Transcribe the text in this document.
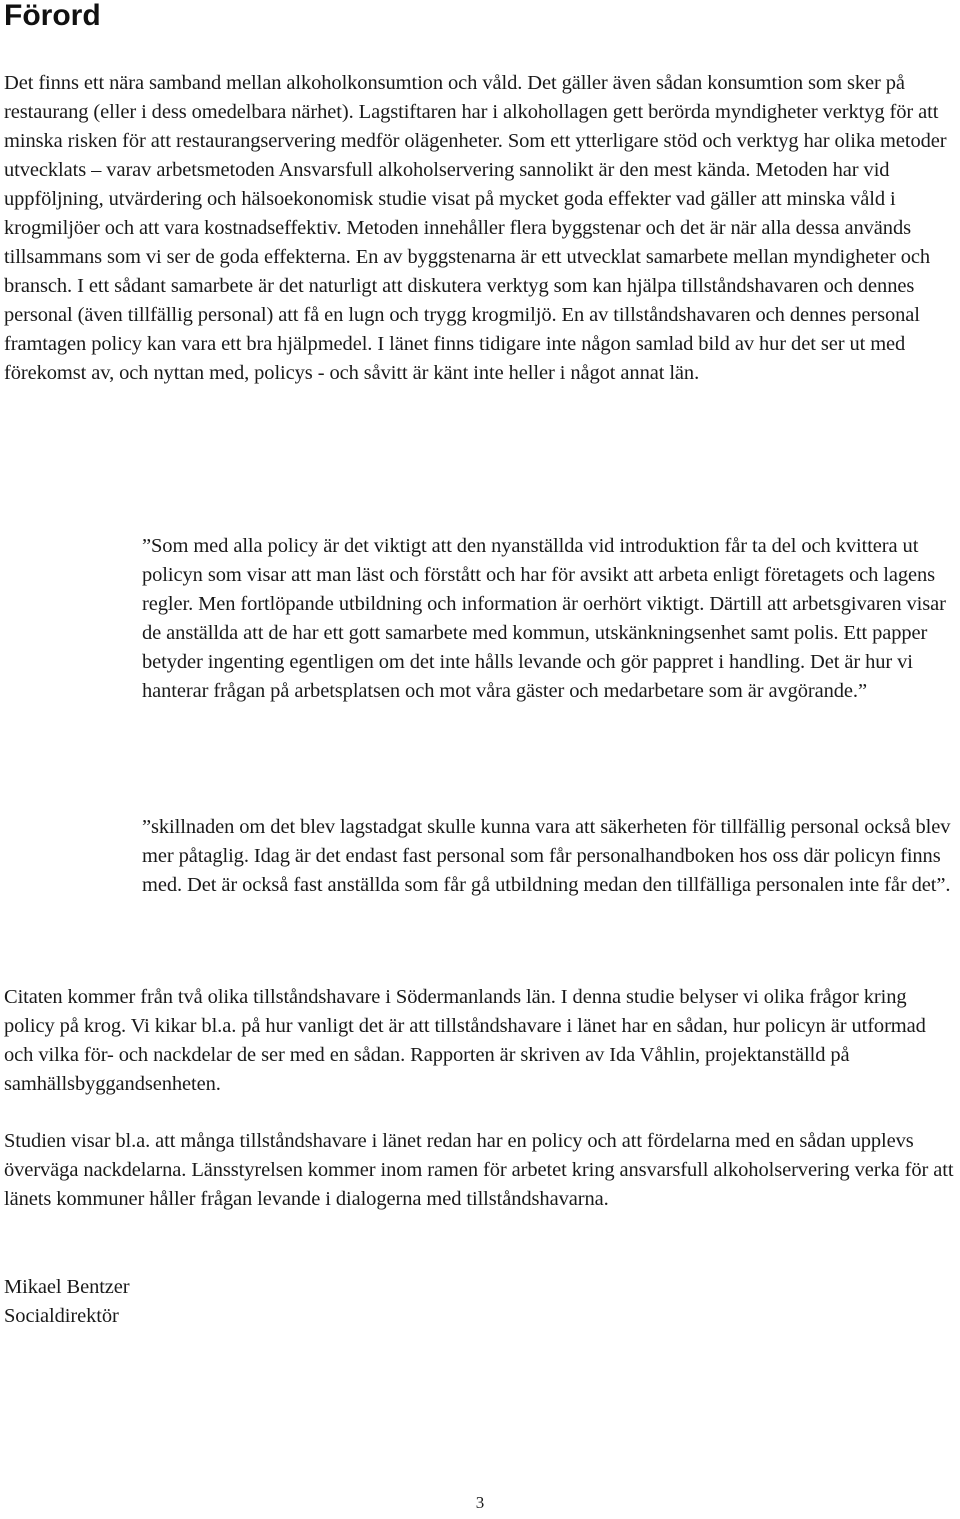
Förord

Det finns ett nära samband mellan alkoholkonsumtion och våld. Det gäller även sådan konsumtion som sker på restaurang (eller i dess omedelbara närhet). Lagstiftaren har i alkohollagen gett berörda myndigheter verktyg för att minska risken för att restaurangservering medför olägenheter. Som ett ytterligare stöd och verktyg har olika metoder utvecklats – varav arbetsmetoden Ansvarsfull alkoholservering sannolikt är den mest kända. Metoden har vid uppföljning, utvärdering och hälsoekonomisk studie visat på mycket goda effekter vad gäller att minska våld i krogmiljöer och att vara kostnadseffektiv. Metoden innehåller flera byggstenar och det är när alla dessa används tillsammans som vi ser de goda effekterna. En av byggstenarna är ett utvecklat samarbete mellan myndigheter och bransch. I ett sådant samarbete är det naturligt att diskutera verktyg som kan hjälpa tillståndshavaren och dennes personal (även tillfällig personal) att få en lugn och trygg krogmiljö. En av tillståndshavaren och dennes personal framtagen policy kan vara ett bra hjälpmedel. I länet finns tidigare inte någon samlad bild av hur det ser ut med förekomst av, och nyttan med, policys - och såvitt är känt inte heller i något annat län.

”Som med alla policy är det viktigt att den nyanställda vid introduktion får ta del och kvittera ut policyn som visar att man läst och förstått och har för avsikt att arbeta enligt företagets och lagens regler. Men fortlöpande utbildning och information är oerhört viktigt. Därtill att arbetsgivaren visar de anställda att de har ett gott samarbete med kommun, utskänkningsenhet samt polis. Ett papper betyder ingenting egentligen om det inte hålls levande och gör pappret i handling. Det är hur vi hanterar frågan på arbetsplatsen och mot våra gäster och medarbetare som är avgörande.”

”skillnaden om det blev lagstadgat skulle kunna vara att säkerheten för tillfällig personal också blev mer påtaglig. Idag är det endast fast personal som får personalhandboken hos oss där policyn finns med. Det är också fast anställda som får gå utbildning medan den tillfälliga personalen inte får det”.

Citaten kommer från två olika tillståndshavare i Södermanlands län. I denna studie belyser vi olika frågor kring policy på krog. Vi kikar bl.a. på hur vanligt det är att tillståndshavare i länet har en sådan, hur policyn är utformad och vilka för- och nackdelar de ser med en sådan. Rapporten är skriven av Ida Våhlin, projektanställd på samhällsbyggandsenheten.

Studien visar bl.a. att många tillståndshavare i länet redan har en policy och att fördelarna med en sådan upplevs överväga nackdelarna. Länsstyrelsen kommer inom ramen för arbetet kring ansvarsfull alkoholservering verka för att länets kommuner håller frågan levande i dialogerna med tillståndshavarna.

Mikael Bentzer
Socialdirektör

3
